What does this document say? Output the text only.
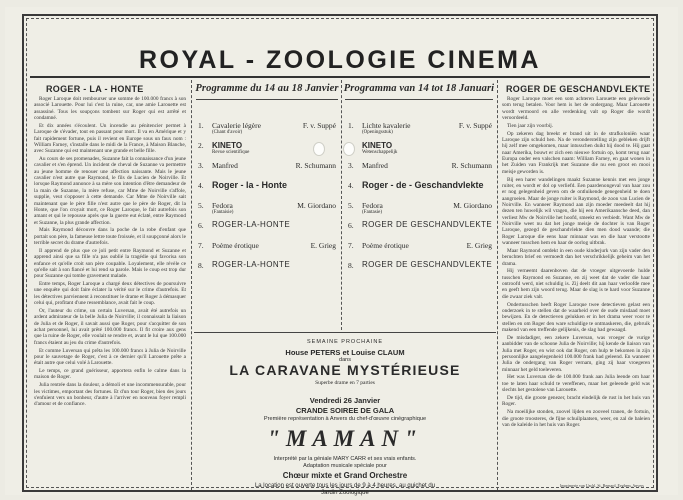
ROYAL - ZOOLOGIE CINEMA
ROGER - LA - HONTE

Roger Laroque doit rembourser une somme de 100.000 francs à son associé Larouette. Pour lui c'est la ruine, car, une amie Larouette est assassiné. Tous les soupçons tombent sur Roger qui est arrêté et condamné.

Et dix années s'écoulent. Un incendie au pénitencier permet à Laroque de s'évader, tout en passant pour mort. Il va en Amérique et y fait rapidement fortune, puis il revient en Europe sous un faux nom : William Farney, s'installe dans le midi de la France, à Maison Blanche, avec Suzanne qui est maintenant une grande et belle fille.

Au cours de ses promenades, Suzanne fait la connaissance d'un jeune cavalier et s'en éprend. Un incident de cheval de Suzanne va permettre au jeune homme de renouer une affection naissante. Mais le jeune cavalier n'est autre que Raymond, le fils de Lucien de Noirville. Et lorsque Raymond annonce à sa mère son intention d'être demandeur de la main de Suzanne, la mère refuse, car Mme de Noirville s'affole, supplie, veut s'opposer à cette demande. Car Mme de Noirville sait maintenant que le père fille n'est autre que le père de Roger, dit la Honte, que l'on croyait mort, ce Roger Laroque, le fait autrefois son amant et qui le repousse après que la guerre eut éclaté, entre Raymond et Suzanne, la plus grande affection.

Mais Raymond découvre dans la poche de la robe d'enfant que portait son père, la fameuse lettre toute froissée, et il soupçonné alors le terrible secret du drame d'autrefois.

Il apprend de plus que ce joli petit entre Raymond et Suzanne et apprend ainsi que sa fille n'a pas oublié la tragédie qui favorisa son enfance et qu'elle croit son père coupable. Loyalement, elle révèle ce qu'elle sait à son fiancé et lui rend sa parole. Mais le coup est trop dur pour Suzanne qui tombe gravement malade.

Entre temps, Roger Laroque a chargé deux détectives de poursuivre une enquête qui doit faire éclater la vérité sur le crime d'autrefois. Et les détectives parviennent à reconstituer le drame et Roger à démasquer celui qui, profitant d'une ressemblance, avait fait le coup.

Or, l'auteur du crime, un certain Luversan, avait été autrefois un ardent admirateur de la belle Julia de Noirville; il connaissait la liaison de Julia et de Roger, il savait aussi que Roger, pour s'acquitter de son achat personnel, lui avait prêté 100.000 francs. Il fit croire aux gens que la ruine de Roger, elle voulait se rendre et, avant le lui que 100.000 francs étaient au jeu du crime d'autrefois.

Et comme Luversan qui prêta les 100.000 francs à Julia de Noirville pour le sauvetage de Roger, c'est à ce dernier qu'il Larouette prête a était autre que celui volé à Larouette.

Le temps, ce grand guérisseur, apportera enfin le calme dans la maison de Roger.

Julia rentrée dans la douleur, a démoli et une incommensurable, pour les victimes, emportant des fortunes. Et d'un tour Roger, bien des jours s'enfuient vers un bonheur, d'autre à l'arriver en nouveau foyer rempli d'amour et de confiance.

Programme du 14 au 18 Janvier
1.	Cavalerie légère	F. v. Suppé
(Chant d'avoir)
2.	KINETO
Revue scientifique
3.	Manfred	R. Schumann
4. Roger - la - Honte
5.	Fedora	M. Giordano
(Fantaisie)
6.	ROGER-LA-HONTE
7.	Poème érotique	E. Grieg
8.	ROGER-LA-HONTE
Programma van 14 tot 18 Januari
1.	Lichte kavalerie	F. v. Suppé
(Openingsstuk)
KINETO
Wetenschappelijk
3.	Manfred	R. Schumann
4. Roger - de - Geschandvlekte
5.	Fedora	M. Giordano
(Fantasie)
6.	ROGER DE GESCHANDVLEKTE
7.	Poème érotique	E. Grieg
8.	ROGER DE GESCHANDVLEKTE
SEMAINE PROCHAINE
House PETERS et Louise CLAUM
dans
LA CARAVANE MYSTÉRIEUSE
Superbe drame en 7 parties
Vendredi 26 Janvier
CRANDE SOIREE DE GALA
Première représentation à Anvers du chef-d'œuvre cinégraphique
"MAMAN"
Interprété par la géniale MARY CARR et ses vrais enfants.
Adaptation musicale spéciale pour
Chœur mixte et Grand Orchestre
La location est ouverte tous les jours de 9 à 4 heures, au guichet du
Jardin Zoologique
ROGER DE GESCHANDVLEKTE

Roger Laroque moet een som achteren Larouette een gelevende som terug betalen. Voor hem is het de ondergang. Maar Larouette wordt vermoord en alle verdenking valt op Roger die wordt veroordeeld.

Tien jaar zijn voorbij.

Op zekeren dag breekt er brand uit in de strafkoloniën waar Laroque zijn schuld hen. Na de veronderstelling zijn gebleken drijft hij zelf mee omgekomen, maar intusschen duikt hij dood te. Hij gaat naar Amerika, bouwt er zich een nieuwe fortuin op, komt terug naar Europa onder een valschen naam: William Farney, en gaat wonen in het Zuiden van Frankrijk met Suzanne die nu een groot en mooi meisje geworden is.

Bij een harer wandelingen maakt Suzanne kennis met een jonge ruiter, en wordt er dol op verliefd. Een paardenongeval van haar zou er nog gelegenheid geven om de ontluikende genegenheid te doen aangroeien. Maar de jonge ruiter is Raymond, de zoon van Lucien de Noirville. En wanneer Raymond aan zijn moeder meedeelt dat hij dezen ten huwelijk wil vragen, die hij een Amerikaansche deed, dan verliest Mw de Noirville het hoofd, smeekt en verbiedt. Want Mw de Noirville weet nu dat het jonge meisje de dochter is van Roger Laroque, gezegd de geschandvlekte dien men dood waande; die Roger Laroque die eens haar minnaar was en die haar verstootte wanneer tusschen hem en haar de oorlog uitbrak.

Maar Raymond ontdekt in een oude kinderjurk van zijn vader den beruchten brief en vermoedt dan het verschrikkelijk geheim van het drama.

Hij verneemt daarenboven dat de vroeger uitgevoerde hulde tusschen Raymond en Suzanne, en zij weet dat de vader die haar ontroofd werd, niet schuldig is. Zij deelt dit aan haar verloofde mee en geeft hem zijn woord terug. Maar de slag is te hard voor Suzanne die zwaar ziek valt.

Ondertusschen heeft Roger Laroque twee detectieven gelast een onderzoek in te stellen dat de waarheid over de oude misdaad moet bewijzen. En de detectieven gelukken er in het drama weer voor te stellen en om Roger den ware schuldige te ontmaskeren, die, gebruik makend van een treffende gelijkenis, de slag had gewaagd.

De misdadiger, een zekere Luversan, was vroeger de vurige aanbidder van de schoone Julia de Noirville; hij kende de liaison van Julia met Roger, en wist ook dat Roger, om hulp te bekomen in zijn persoonlijke aangelegenheid 100.000 frank had geleend. En wanneer Julia de ondergang van Roger vernam, ging zij haar vroegeren minnaar het geld toeleveren.

Het was Luversan die de 100.000 frank aan Julia leende om haar toe te laten haar schuld te vereffenen, maar het geleende geld was slechts het gestolene van Larouette.

De tijd, die groote genezer, bracht eindelijk de rust in het huis van Roger.

Na moeilijke stonden, zoovel lijden en zooveel tranen, de fortuin, die groote troosteres, de fijne schuilplaatsen, weer, en zal de baleien van de kaleide in het huis van Roger.

Imprimerie van Uachl, St. Bernard, Eeghem, Anvers
